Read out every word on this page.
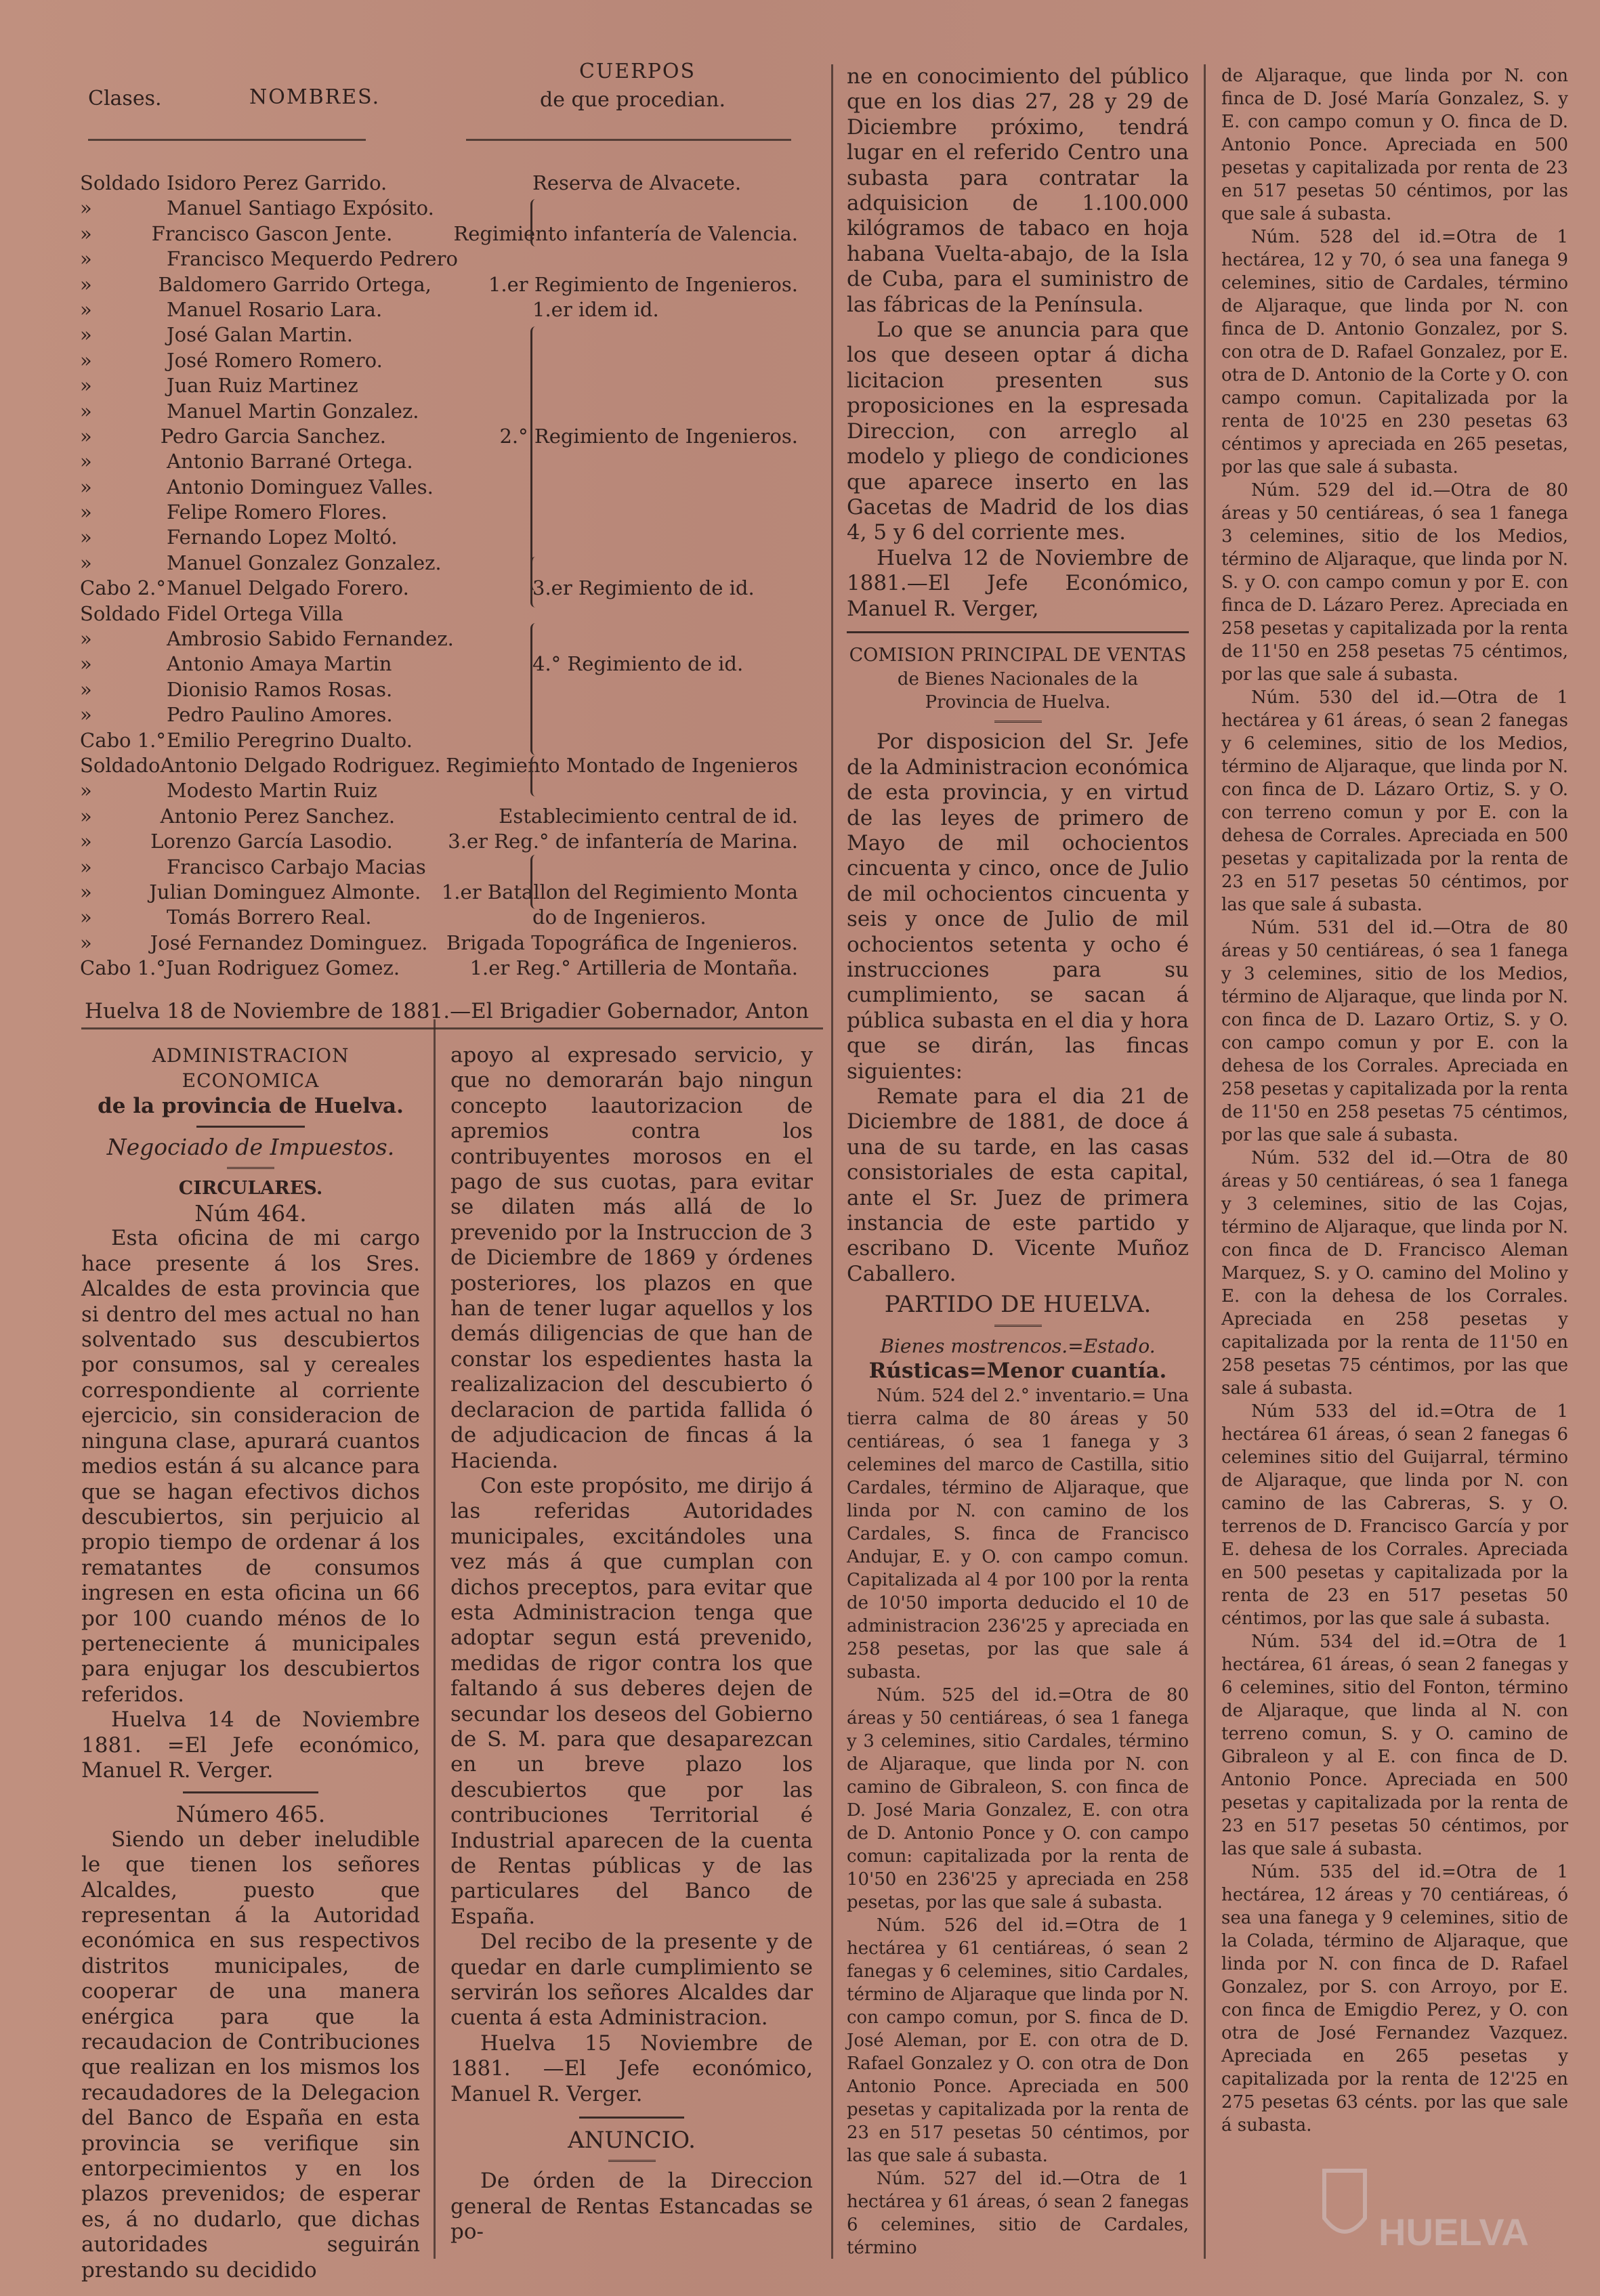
Clases.	NOMBRES.
CUERPOS
de que procedian.
Soldado Isidoro Perez Garrido.	Reserva de Alvacete.
»	Manuel Santiago Expósito.
»	Francisco Gascon Jente.	Regimiento infantería de Valencia.
»	Francisco Mequerdo Pedrero
»	Baldomero Garrido Ortega,	1.er Regimiento de Ingenieros.
»	Manuel Rosario Lara.	1.er idem id.
»	José Galan Martin.
»	José Romero Romero.
»	Juan Ruiz Martinez
»	Manuel Martin Gonzalez.
»	Pedro Garcia Sanchez.	2.° Regimiento de Ingenieros.
»	Antonio Barrané Ortega.
»	Antonio Dominguez Valles.
»	Felipe Romero Flores.
»	Fernando Lopez Moltó.
»	Manuel Gonzalez Gonzalez.
Cabo 2.° Manuel Delgado Forero.	3.er Regimiento de id.
Soldado Fidel Ortega Villa
»	Ambrosio Sabido Fernandez.
»	Antonio Amaya Martin	4.° Regimiento de id.
»	Dionisio Ramos Rosas.
»	Pedro Paulino Amores.
Cabo 1.° Emilio Peregrino Dualto.
Soldado Antonio Delgado Rodriguez. Regimiento Montado de Ingenieros
»	Modesto Martin Ruiz
»	Antonio Perez Sanchez.	Establecimiento central de id.
»	Lorenzo García Lasodio.	3.er Reg.° de infantería de Marina.
»	Francisco Carbajo Macias
»	Julian Dominguez Almonte.	1.er Batallon del Regimiento Monta
»	Tomás Borrero Real.	do de Ingenieros.
»	José Fernandez Dominguez. Brigada Topográfica de Ingenieros.
Cabo 1.° Juan Rodriguez Gomez.	1.er Reg.° Artilleria de Montaña.
Huelva 18 de Noviembre de 1881.—El Brigadier Gobernador, Anton

ADMINISTRACION ECONOMICA

de la provincia de Huelva.

Negociado de Impuestos.

CIRCULARES.

Núm 464.

Esta oficina de mi cargo hace presente á los Sres. Alcaldes de esta provincia que si dentro del mes actual no han solventado sus descubiertos por consumos, sal y cereales correspondiente al corriente ejercicio, sin consideracion de ninguna clase, apurará cuantos medios están á su alcance para que se hagan efectivos dichos descubiertos, sin perjuicio al propio tiempo de ordenar á los rematantes de consumos ingresen en esta oficina un 66 por 100 cuando ménos de lo perteneciente á municipales para enjugar los descubiertos referidos.

Huelva 14 de Noviembre 1881. =El Jefe económico, Manuel R. Verger.

Número 465.

Siendo un deber ineludible le que tienen los señores Alcaldes, puesto que representan á la Autoridad económica en sus respectivos distritos municipales, de cooperar de una manera enérgica para que la recaudacion de Contribuciones que realizan en los mismos los recaudadores de la Delegacion del Banco de España en esta provincia se verifique sin entorpecimientos y en los plazos prevenidos; de esperar es, á no dudarlo, que dichas autoridades seguirán prestando su decidido

apoyo al expresado servicio, y que no demorarán bajo ningun concepto laautorizacion de apremios contra los contribuyentes morosos en el pago de sus cuotas, para evitar se dilaten más allá de lo prevenido por la Instruccion de 3 de Diciembre de 1869 y órdenes posteriores, los plazos en que han de tener lugar aquellos y los demás diligencias de que han de constar los espedientes hasta la realizalizacion del descubierto ó declaracion de partida fallida ó de adjudicacion de fincas á la Hacienda.

Con este propósito, me dirijo á las referidas Autoridades municipales, excitándoles una vez más á que cumplan con dichos preceptos, para evitar que esta Administracion tenga que adoptar segun está prevenido, medidas de rigor contra los que faltando á sus deberes dejen de secundar los deseos del Gobierno de S. M. para que desaparezcan en un breve plazo los descubiertos que por las contribuciones Territorial é Industrial aparecen de la cuenta de Rentas públicas y de las particulares del Banco de España.

Del recibo de la presente y de quedar en darle cumplimiento se servirán los señores Alcaldes dar cuenta á esta Administracion.

Huelva 15 Noviembre de 1881. —El Jefe económico, Manuel R. Verger.

ANUNCIO.

De órden de la Direccion general de Rentas Estancadas se po-

ne en conocimiento del público que en los dias 27, 28 y 29 de Diciembre próximo, tendrá lugar en el referido Centro una subasta para contratar la adquisicion de 1.100.000 kilógramos de tabaco en hoja habana Vuelta-abajo, de la Isla de Cuba, para el suministro de las fábricas de la Península.

Lo que se anuncia para que los que deseen optar á dicha licitacion presenten sus proposiciones en la espresada Direccion, con arreglo al modelo y pliego de condiciones que aparece inserto en las Gacetas de Madrid de los dias 4, 5 y 6 del corriente mes.

Huelva 12 de Noviembre de 1881.—El Jefe Económico, Manuel R. Verger,

COMISION PRINCIPAL DE VENTAS

de Bienes Nacionales de la

Provincia de Huelva.

Por disposicion del Sr. Jefe de la Administracion económica de esta provincia, y en virtud de las leyes de primero de Mayo de mil ochocientos cincuenta y cinco, once de Julio de mil ochocientos cincuenta y seis y once de Julio de mil ochocientos setenta y ocho é instrucciones para su cumplimiento, se sacan á pública subasta en el dia y hora que se dirán, las fincas siguientes:

Remate para el dia 21 de Diciembre de 1881, de doce á una de su tarde, en las casas consistoriales de esta capital, ante el Sr. Juez de primera instancia de este partido y escribano D. Vicente Muñoz Caballero.

PARTIDO DE HUELVA.

Bienes mostrencos.=Estado.

Rústicas=Menor cuantía.

Núm. 524 del 2.° inventario.= Una tierra calma de 80 áreas y 50 centiáreas, ó sea 1 fanega y 3 celemines del marco de Castilla, sitio Cardales, término de Aljaraque, que linda por N. con camino de los Cardales, S. finca de Francisco Andujar, E. y O. con campo comun. Capitalizada al 4 por 100 por la renta de 10'50 importa deducido el 10 de administracion 236'25 y apreciada en 258 pesetas, por las que sale á subasta.

Núm. 525 del id.=Otra de 80 áreas y 50 centiáreas, ó sea 1 fanega y 3 celemines, sitio Cardales, término de Aljaraque, que linda por N. con camino de Gibraleon, S. con finca de D. José Maria Gonzalez, E. con otra de D. Antonio Ponce y O. con campo comun: capitalizada por la renta de 10'50 en 236'25 y apreciada en 258 pesetas, por las que sale á subasta.

Núm. 526 del id.=Otra de 1 hectárea y 61 centiáreas, ó sean 2 fanegas y 6 celemines, sitio Cardales, término de Aljaraque que linda por N. con campo comun, por S. finca de D. José Aleman, por E. con otra de D. Rafael Gonzalez y O. con otra de Don Antonio Ponce. Apreciada en 500 pesetas y capitalizada por la renta de 23 en 517 pesetas 50 céntimos, por las que sale á subasta.

Núm. 527 del id.—Otra de 1 hectárea y 61 áreas, ó sean 2 fanegas 6 celemines, sitio de Cardales, término

de Aljaraque, que linda por N. con finca de D. José María Gonzalez, S. y E. con campo comun y O. finca de D. Antonio Ponce. Apreciada en 500 pesetas y capitalizada por renta de 23 en 517 pesetas 50 céntimos, por las que sale á subasta.

Núm. 528 del id.=Otra de 1 hectárea, 12 y 70, ó sea una fanega 9 celemines, sitio de Cardales, término de Aljaraque, que linda por N. con finca de D. Antonio Gonzalez, por S. con otra de D. Rafael Gonzalez, por E. otra de D. Antonio de la Corte y O. con campo comun. Capitalizada por la renta de 10'25 en 230 pesetas 63 céntimos y apreciada en 265 pesetas, por las que sale á subasta.

Núm. 529 del id.—Otra de 80 áreas y 50 centiáreas, ó sea 1 fanega 3 celemines, sitio de los Medios, término de Aljaraque, que linda por N. S. y O. con campo comun y por E. con finca de D. Lázaro Perez. Apreciada en 258 pesetas y capitalizada por la renta de 11'50 en 258 pesetas 75 céntimos, por las que sale á subasta.

Núm. 530 del id.—Otra de 1 hectárea y 61 áreas, ó sean 2 fanegas y 6 celemines, sitio de los Medios, término de Aljaraque, que linda por N. con finca de D. Lázaro Ortiz, S. y O. con terreno comun y por E. con la dehesa de Corrales. Apreciada en 500 pesetas y capitalizada por la renta de 23 en 517 pesetas 50 céntimos, por las que sale á subasta.

Núm. 531 del id.—Otra de 80 áreas y 50 centiáreas, ó sea 1 fanega y 3 celemines, sitio de los Medios, término de Aljaraque, que linda por N. con finca de D. Lazaro Ortiz, S. y O. con campo comun y por E. con la dehesa de los Corrales. Apreciada en 258 pesetas y capitalizada por la renta de 11'50 en 258 pesetas 75 céntimos, por las que sale á subasta.

Núm. 532 del id.—Otra de 80 áreas y 50 centiáreas, ó sea 1 fanega y 3 celemines, sitio de las Cojas, término de Aljaraque, que linda por N. con finca de D. Francisco Aleman Marquez, S. y O. camino del Molino y E. con la dehesa de los Corrales. Apreciada en 258 pesetas y capitalizada por la renta de 11'50 en 258 pesetas 75 céntimos, por las que sale á subasta.

Núm 533 del id.=Otra de 1 hectárea 61 áreas, ó sean 2 fanegas 6 celemines sitio del Guijarral, término de Aljaraque, que linda por N. con camino de las Cabreras, S. y O. terrenos de D. Francisco García y por E. dehesa de los Corrales. Apreciada en 500 pesetas y capitalizada por la renta de 23 en 517 pesetas 50 céntimos, por las que sale á subasta.

Núm. 534 del id.=Otra de 1 hectárea, 61 áreas, ó sean 2 fanegas y 6 celemines, sitio del Fonton, término de Aljaraque, que linda al N. con terreno comun, S. y O. camino de Gibraleon y al E. con finca de D. Antonio Ponce. Apreciada en 500 pesetas y capitalizada por la renta de 23 en 517 pesetas 50 céntimos, por las que sale á subasta.

Núm. 535 del id.=Otra de 1 hectárea, 12 áreas y 70 centiáreas, ó sea una fanega y 9 celemines, sitio de la Colada, término de Aljaraque, que linda por N. con finca de D. Rafael Gonzalez, por S. con Arroyo, por E. con finca de Emigdio Perez, y O. con otra de José Fernandez Vazquez. Apreciada en 265 pesetas y capitalizada por la renta de 12'25 en 275 pesetas 63 cénts. por las que sale á subasta.

HUELVA
